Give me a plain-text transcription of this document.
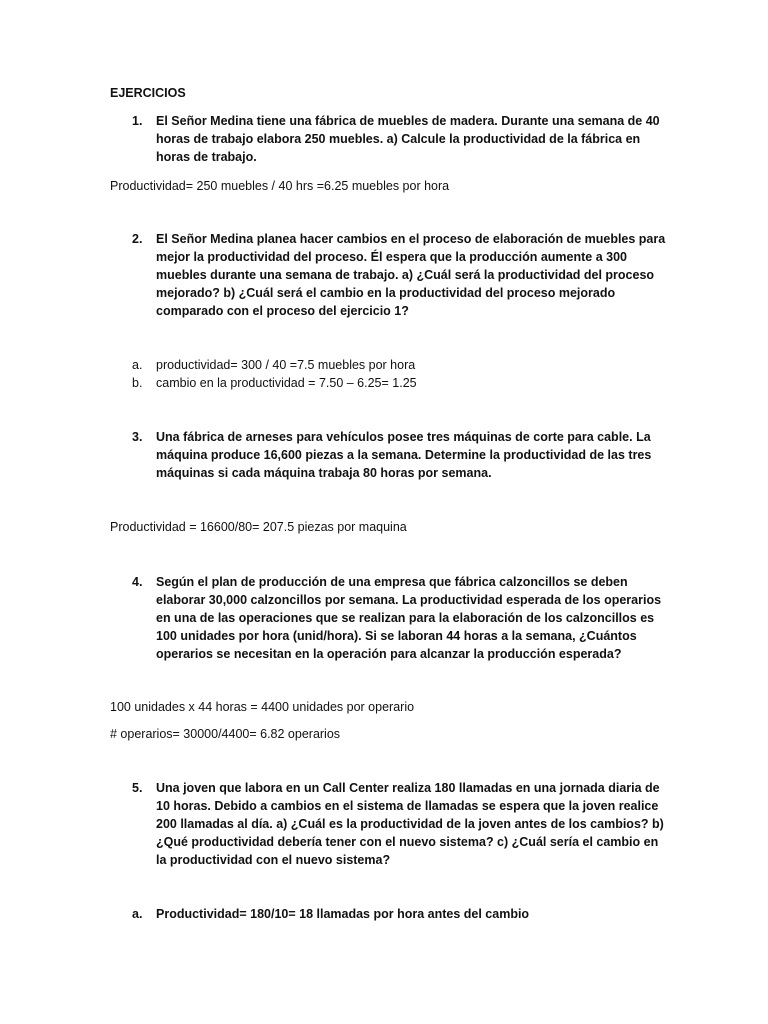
EJERCICIOS
1. El Señor Medina tiene una fábrica de muebles de madera. Durante una semana de 40 horas de trabajo elabora 250 muebles. a) Calcule la productividad de la fábrica en horas de trabajo.
Productividad= 250 muebles / 40 hrs =6.25 muebles por hora
2. El Señor Medina planea hacer cambios en el proceso de elaboración de muebles para mejor la productividad del proceso. Él espera que la producción aumente a 300 muebles durante una semana de trabajo. a) ¿Cuál será la productividad del proceso mejorado? b) ¿Cuál será el cambio en la productividad del proceso mejorado comparado con el proceso del ejercicio 1?
a. productividad= 300 / 40 =7.5 muebles por hora
b. cambio en la productividad = 7.50 – 6.25= 1.25
3. Una fábrica de arneses para vehículos posee tres máquinas de corte para cable. La máquina produce 16,600 piezas a la semana. Determine la productividad de las tres máquinas si cada máquina trabaja 80 horas por semana.
Productividad = 16600/80= 207.5 piezas por maquina
4. Según el plan de producción de una empresa que fábrica calzoncillos se deben elaborar 30,000 calzoncillos por semana. La productividad esperada de los operarios en una de las operaciones que se realizan para la elaboración de los calzoncillos es 100 unidades por hora (unid/hora). Si se laboran 44 horas a la semana, ¿Cuántos operarios se necesitan en la operación para alcanzar la producción esperada?
100 unidades x 44 horas = 4400 unidades por operario
# operarios= 30000/4400= 6.82 operarios
5. Una joven que labora en un Call Center realiza 180 llamadas en una jornada diaria de 10 horas. Debido a cambios en el sistema de llamadas se espera que la joven realice 200 llamadas al día. a) ¿Cuál es la productividad de la joven antes de los cambios? b) ¿Qué productividad debería tener con el nuevo sistema? c) ¿Cuál sería el cambio en la productividad con el nuevo sistema?
a. Productividad= 180/10= 18 llamadas por hora antes del cambio
